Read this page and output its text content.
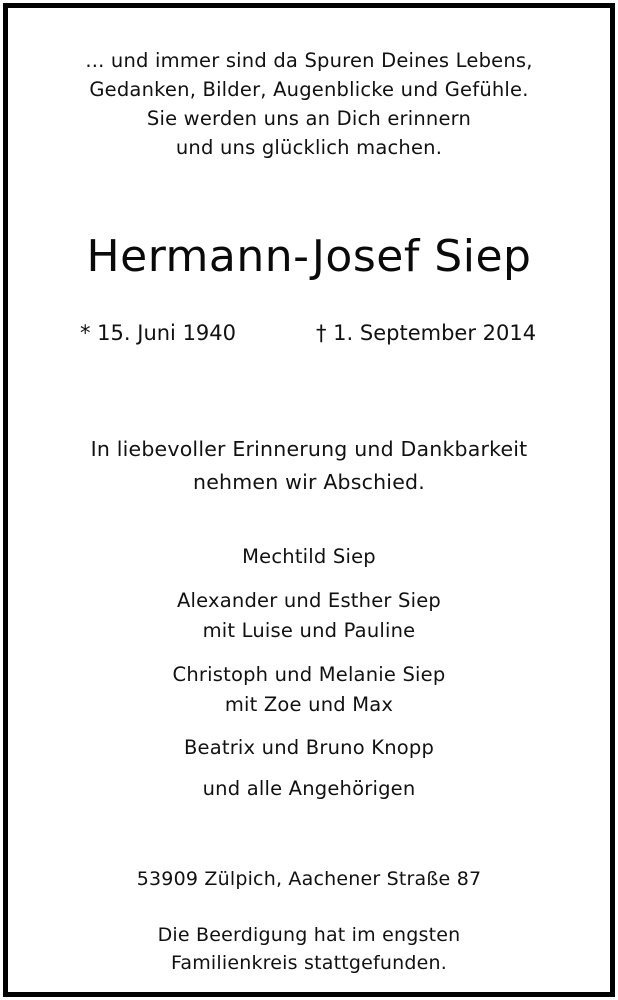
... und immer sind da Spuren Deines Lebens,
Gedanken, Bilder, Augenblicke und Gefühle.
Sie werden uns an Dich erinnern
und uns glücklich machen.
Hermann-Josef Siep
* 15. Juni 1940	† 1. September 2014
In liebevoller Erinnerung und Dankbarkeit
nehmen wir Abschied.
Mechtild Siep
Alexander und Esther Siep
mit Luise und Pauline
Christoph und Melanie Siep
mit Zoe und Max
Beatrix und Bruno Knopp
und alle Angehörigen
53909 Zülpich, Aachener Straße 87
Die Beerdigung hat im engsten
Familienkreis stattgefunden.
